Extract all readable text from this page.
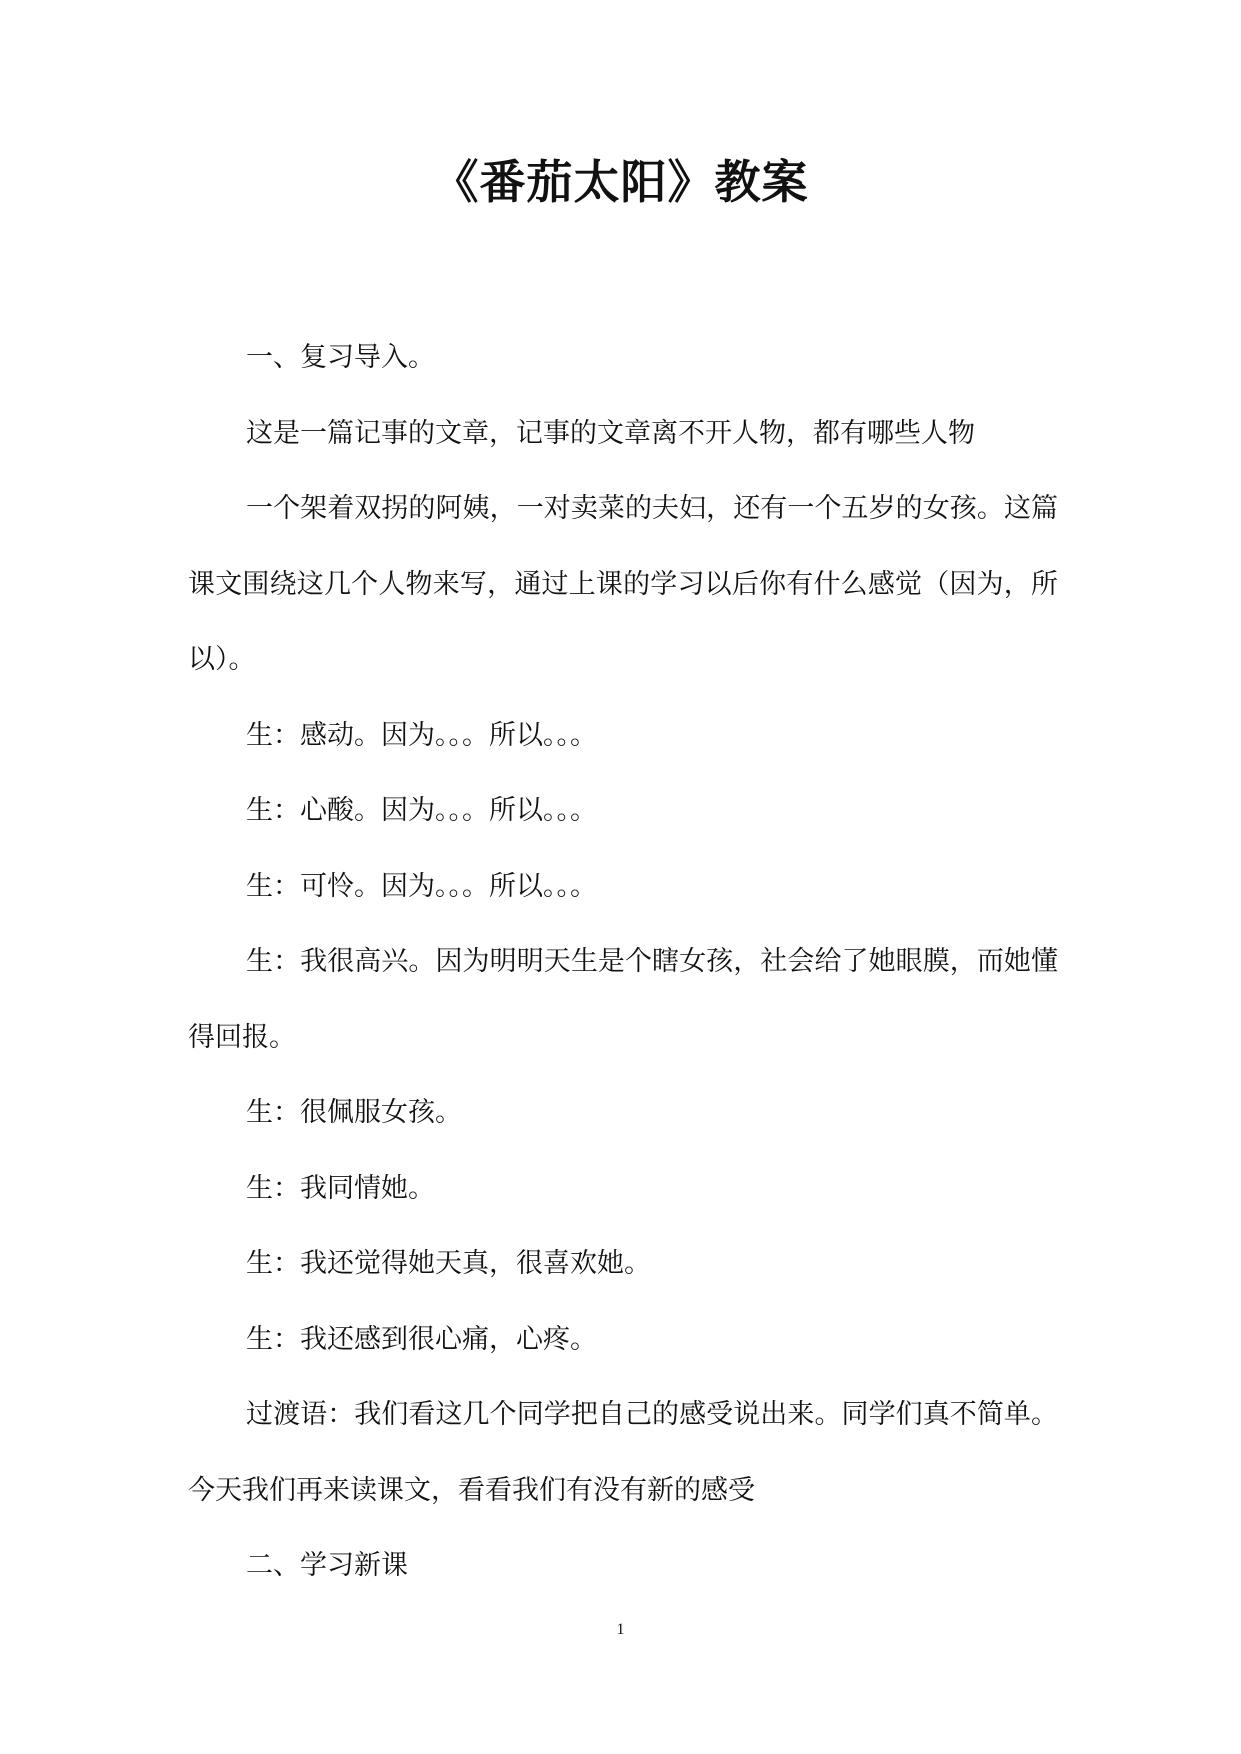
《番茄太阳》教案

一、复习导入。

这是一篇记事的文章，记事的文章离不开人物，都有哪些人物

一个架着双拐的阿姨，一对卖菜的夫妇，还有一个五岁的女孩。这篇课文围绕这几个人物来写，通过上课的学习以后你有什么感觉（因为，所以）。

生：感动。因为。。。所以。。。

生：心酸。因为。。。所以。。。

生：可怜。因为。。。所以。。。

生：我很高兴。因为明明天生是个瞎女孩，社会给了她眼膜，而她懂得回报。

生：很佩服女孩。

生：我同情她。

生：我还觉得她天真，很喜欢她。

生：我还感到很心痛，心疼。

过渡语：我们看这几个同学把自己的感受说出来。同学们真不简单。今天我们再来读课文，看看我们有没有新的感受

二、学习新课

1
